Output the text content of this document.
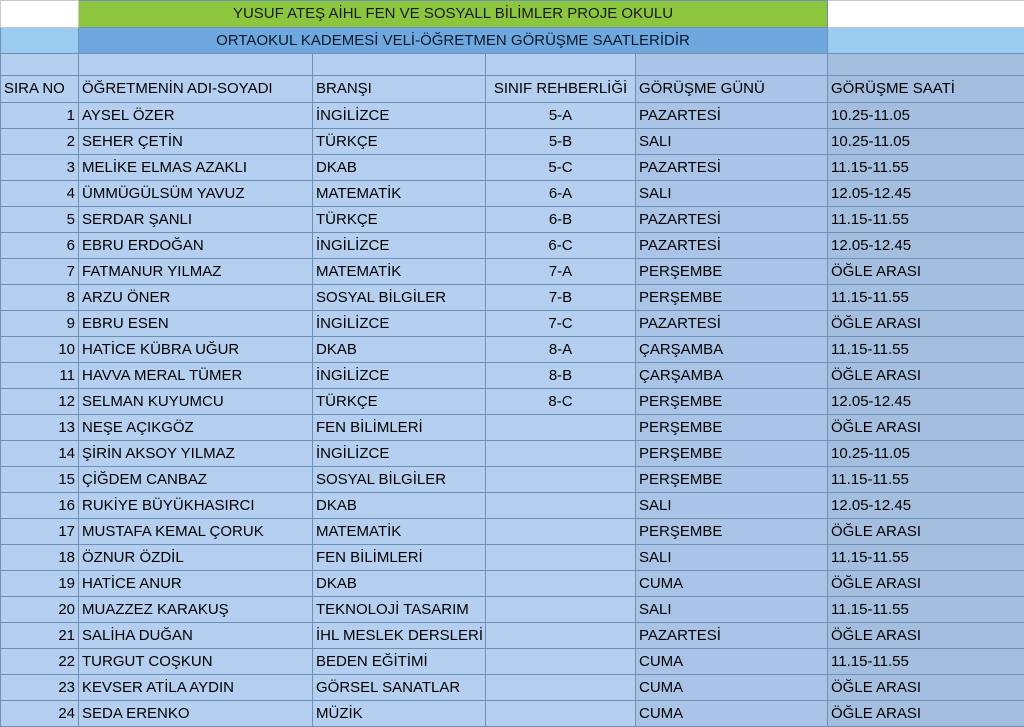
	YUSUF ATEŞ AİHL FEN VE SOSYALL BİLİMLER PROJE OKULU				
	ORTAOKUL KADEMESİ VELİ-ÖĞRETMEN GÖRÜŞME SAATLERİDİR				

SIRA NO	ÖĞRETMENİN ADI-SOYADI	BRANŞI	SINIF REHBERLİĞİ	GÖRÜŞME GÜNÜ	GÖRÜŞME SAATİ
1	AYSEL ÖZER	İNGİLİZCE	5-A	PAZARTESİ	10.25-11.05
2	SEHER ÇETİN	TÜRKÇE	5-B	SALI	10.25-11.05
3	MELİKE ELMAS AZAKLI	DKAB	5-C	PAZARTESİ	11.15-11.55
4	ÜMMÜGÜLSÜM YAVUZ	MATEMATİK	6-A	SALI	12.05-12.45
5	SERDAR ŞANLI	TÜRKÇE	6-B	PAZARTESİ	11.15-11.55
6	EBRU ERDOĞAN	İNGİLİZCE	6-C	PAZARTESİ	12.05-12.45
7	FATMANUR YILMAZ	MATEMATİK	7-A	PERŞEMBE	ÖĞLE ARASI
8	ARZU ÖNER	SOSYAL BİLGİLER	7-B	PERŞEMBE	11.15-11.55
9	EBRU ESEN	İNGİLİZCE	7-C	PAZARTESİ	ÖĞLE ARASI
10	HATİCE KÜBRA UĞUR	DKAB	8-A	ÇARŞAMBA	11.15-11.55
11	HAVVA MERAL TÜMER	İNGİLİZCE	8-B	ÇARŞAMBA	ÖĞLE ARASI
12	SELMAN KUYUMCU	TÜRKÇE	8-C	PERŞEMBE	12.05-12.45
13	NEŞE AÇIKGÖZ	FEN BİLİMLERİ		PERŞEMBE	ÖĞLE ARASI
14	ŞİRİN AKSOY YILMAZ	İNGİLİZCE		PERŞEMBE	10.25-11.05
15	ÇİĞDEM CANBAZ	SOSYAL BİLGİLER		PERŞEMBE	11.15-11.55
16	RUKİYE BÜYÜKHASIRCI	DKAB		SALI	12.05-12.45
17	MUSTAFA KEMAL ÇORUK	MATEMATİK		PERŞEMBE	ÖĞLE ARASI
18	ÖZNUR ÖZDİL	FEN BİLİMLERİ		SALI	11.15-11.55
19	HATİCE ANUR	DKAB		CUMA	ÖĞLE ARASI
20	MUAZZEZ KARAKUŞ	TEKNOLOJİ TASARIM		SALI	11.15-11.55
21	SALİHA DUĞAN	İHL MESLEK DERSLERİ		PAZARTESİ	ÖĞLE ARASI
22	TURGUT COŞKUN	BEDEN EĞİTİMİ		CUMA	11.15-11.55
23	KEVSER ATİLA AYDIN	GÖRSEL SANATLAR		CUMA	ÖĞLE ARASI
24	SEDA ERENKO	MÜZİK		CUMA	ÖĞLE ARASI
